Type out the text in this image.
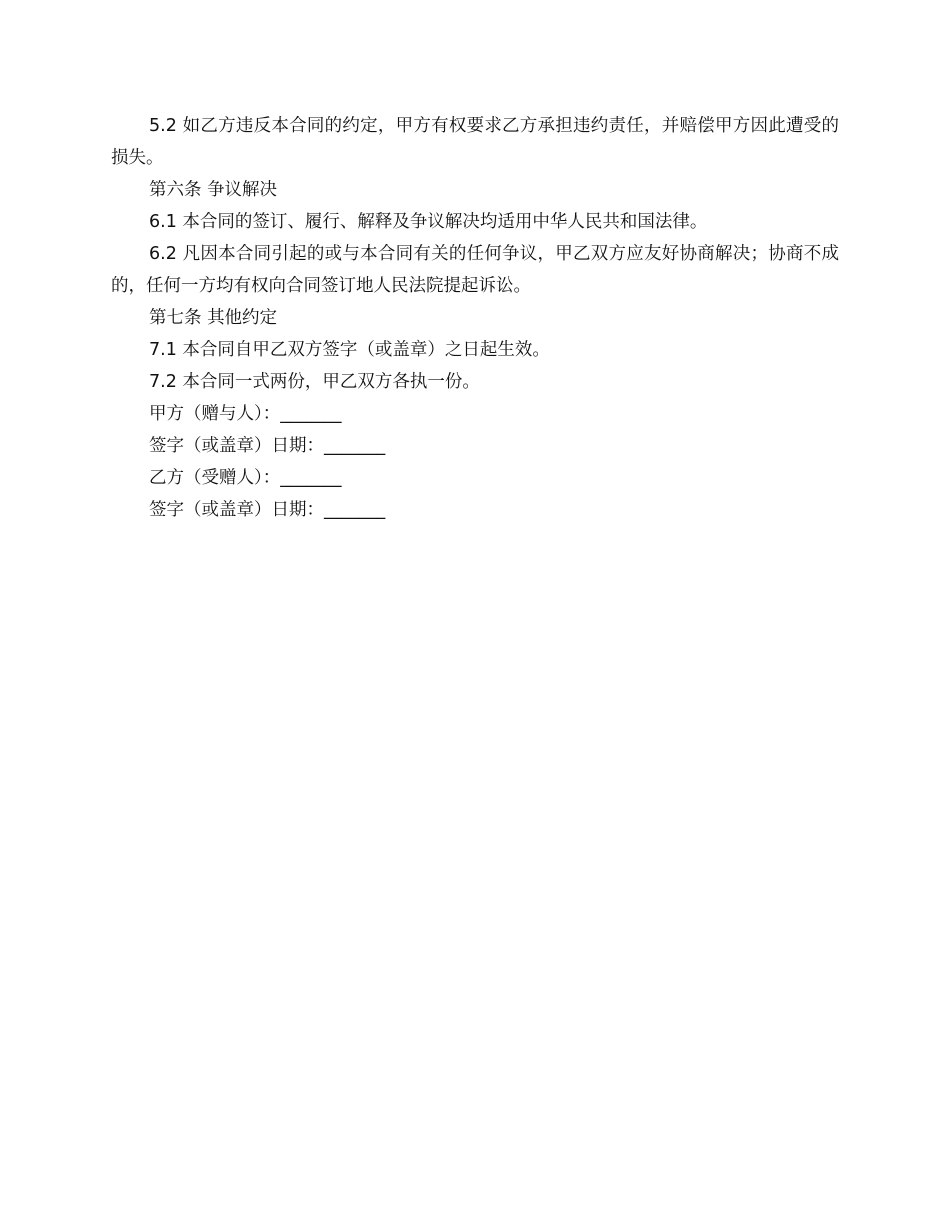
5.2 如乙方违反本合同的约定，甲方有权要求乙方承担违约责任，并赔偿甲方因此遭受的损失。

第六条 争议解决

6.1 本合同的签订、履行、解释及争议解决均适用中华人民共和国法律。

6.2 凡因本合同引起的或与本合同有关的任何争议，甲乙双方应友好协商解决；协商不成的，任何一方均有权向合同签订地人民法院提起诉讼。

第七条 其他约定

7.1 本合同自甲乙双方签字（或盖章）之日起生效。

7.2 本合同一式两份，甲乙双方各执一份。

甲方（赠与人）：_______

签字（或盖章）日期：_______

乙方（受赠人）：_______

签字（或盖章）日期：_______
